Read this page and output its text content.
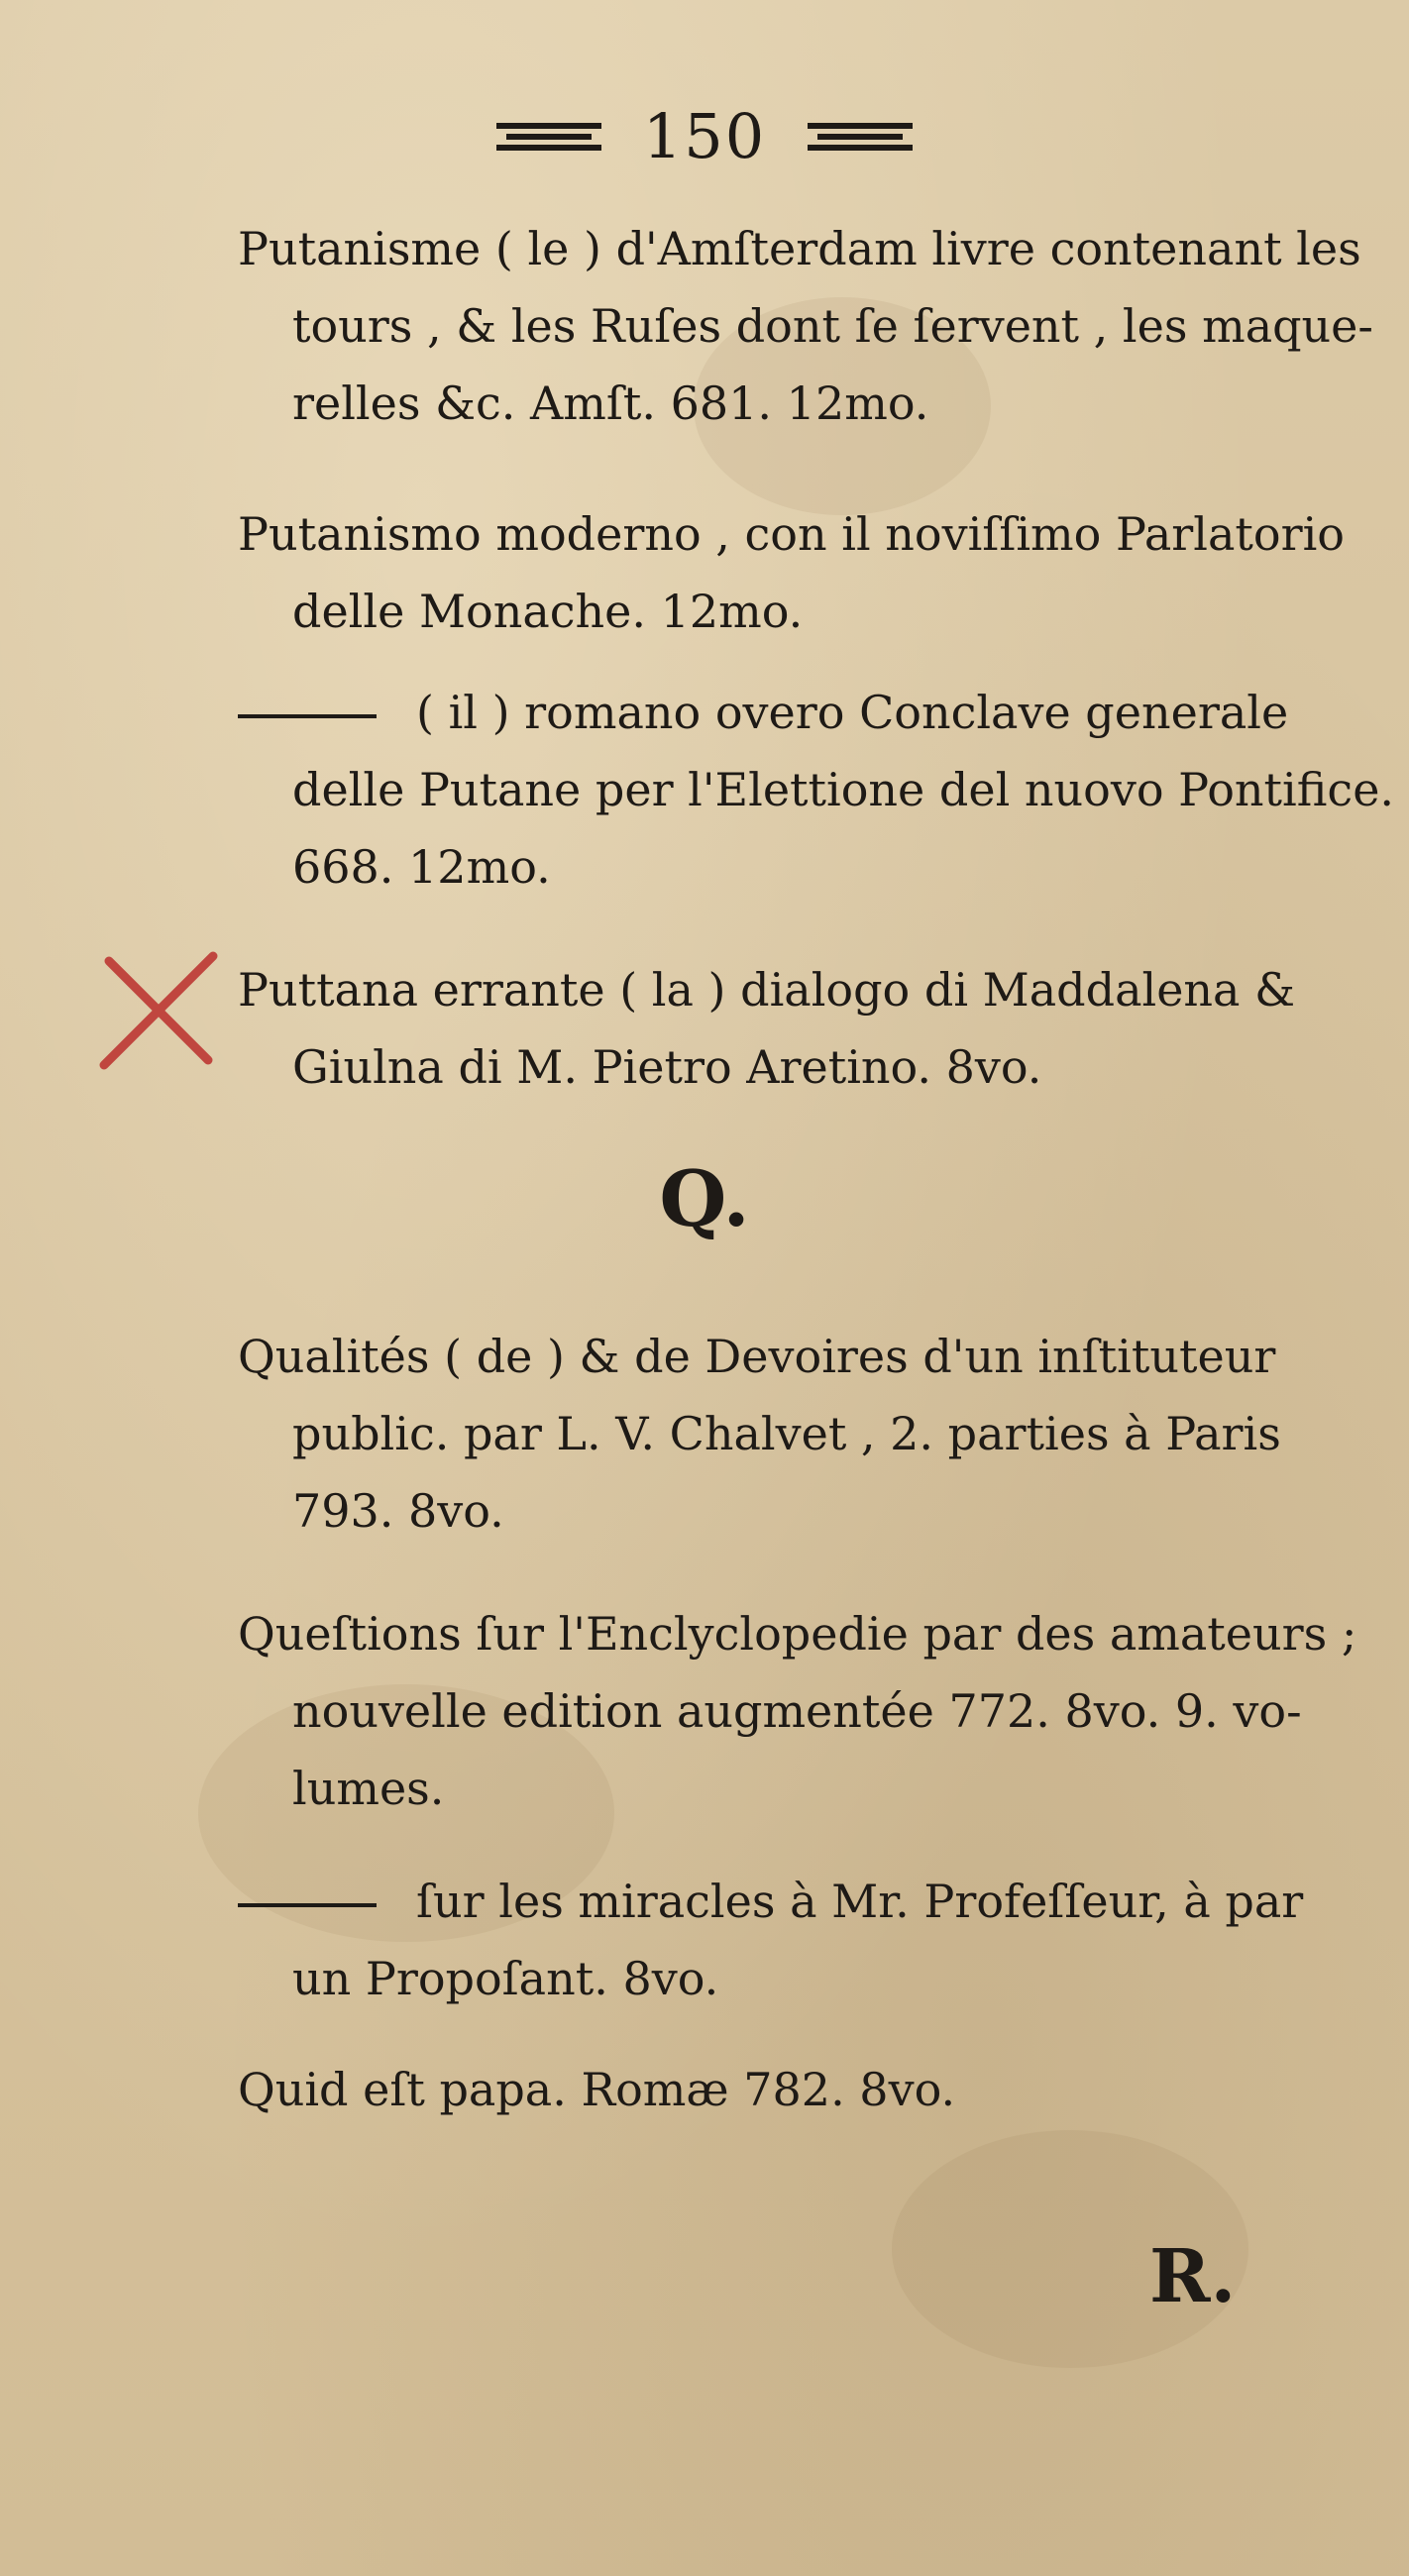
150
Putanisme ( le ) d'Amſterdam livre contenant les
tours , & les Ruſes dont ſe ſervent , les maque-
relles &c. Amſt. 681. 12mo.
Putanismo moderno , con il noviſſimo Parlatorio
delle Monache. 12mo.
( il ) romano overo Conclave generale
delle Putane per l'Elettione del nuovo Pontifice.
668. 12mo.
Puttana errante ( la ) dialogo di Maddalena &
Giulna di M. Pietro Aretino. 8vo.
Q.
Qualités ( de ) & de Devoires d'un inſtituteur
public. par L. V. Chalvet , 2. parties à Paris
793. 8vo.
Queſtions ſur l'Enclyclopedie par des amateurs ;
nouvelle edition augmentée 772. 8vo. 9. vo-
lumes.
ſur les miracles à Mr. Profeſſeur, à par
un Propoſant. 8vo.
Quid eſt papa. Romæ 782. 8vo.
R.
